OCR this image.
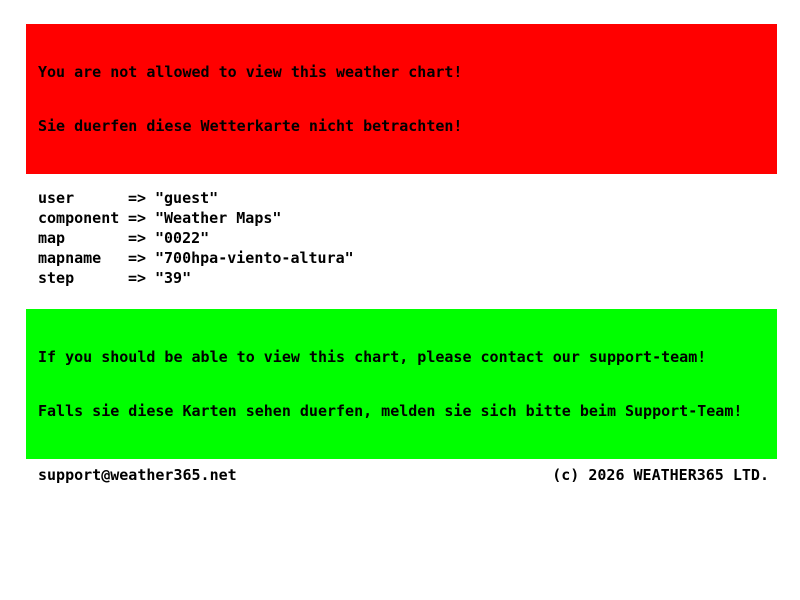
You are not allowed to view this weather chart!

Sie duerfen diese Wetterkarte nicht betrachten!

user	=> "guest"
component => "Weather Maps"
map	=> "0022"
mapname	=> "700hpa-viento-altura"
step	=> "39"

If you should be able to view this chart, please contact our support-team!

Falls sie diese Karten sehen duerfen, melden sie sich bitte beim Support-Team!

support@weather365.net	(c) 2026 WEATHER365 LTD.
